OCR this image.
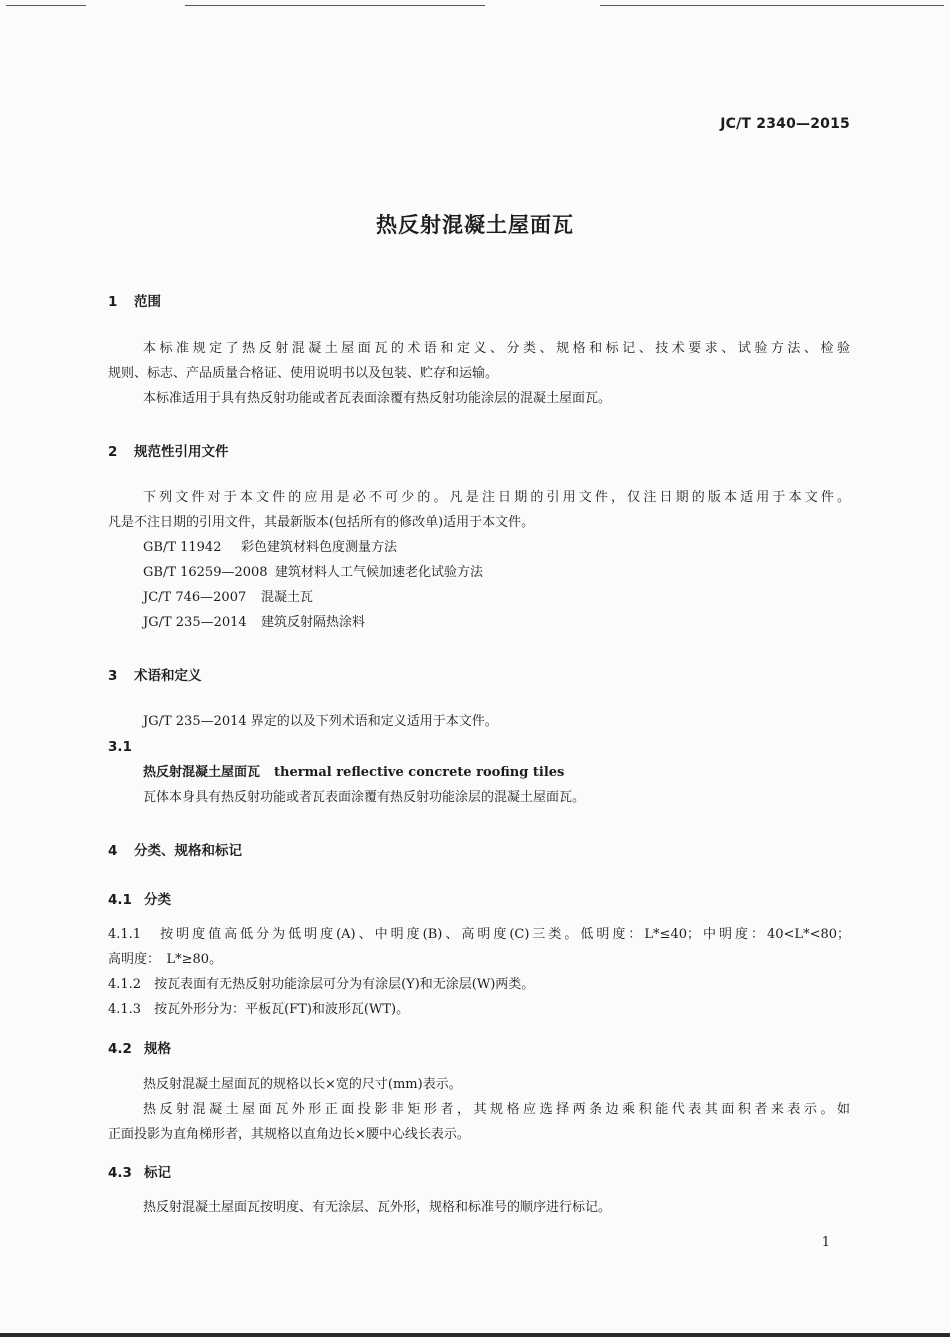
JC/T 2340—2015
热反射混凝土屋面瓦
1 范围
本标准规定了热反射混凝土屋面瓦的术语和定义、分类、规格和标记、技术要求、试验方法、检验
规则、标志、产品质量合格证、使用说明书以及包装、贮存和运输。
本标准适用于具有热反射功能或者瓦表面涂覆有热反射功能涂层的混凝土屋面瓦。
2 规范性引用文件
下列文件对于本文件的应用是必不可少的。凡是注日期的引用文件，仅注日期的版本适用于本文件。
凡是不注日期的引用文件，其最新版本(包括所有的修改单)适用于本文件。
GB/T 11942 彩色建筑材料色度测量方法
GB/T 16259—2008 建筑材料人工气候加速老化试验方法
JC/T 746—2007 混凝土瓦
JG/T 235—2014 建筑反射隔热涂料
3 术语和定义
JG/T 235—2014 界定的以及下列术语和定义适用于本文件。
3.1
热反射混凝土屋面瓦 thermal reflective concrete roofing tiles
瓦体本身具有热反射功能或者瓦表面涂覆有热反射功能涂层的混凝土屋面瓦。
4 分类、规格和标记
4.1 分类
4.1.1　按明度值高低分为低明度(A)、中明度(B)、高明度(C)三类。低明度：L*≤40；中明度：40<L*<80；
高明度：　L*≥80。
4.1.2　按瓦表面有无热反射功能涂层可分为有涂层(Y)和无涂层(W)两类。
4.1.3　按瓦外形分为：平板瓦(FT)和波形瓦(WT)。
4.2 规格
热反射混凝土屋面瓦的规格以长×宽的尺寸(mm)表示。
热反射混凝土屋面瓦外形正面投影非矩形者，其规格应选择两条边乘积能代表其面积者来表示。如
正面投影为直角梯形者，其规格以直角边长×腰中心线长表示。
4.3 标记
热反射混凝土屋面瓦按明度、有无涂层、瓦外形，规格和标准号的顺序进行标记。
1
